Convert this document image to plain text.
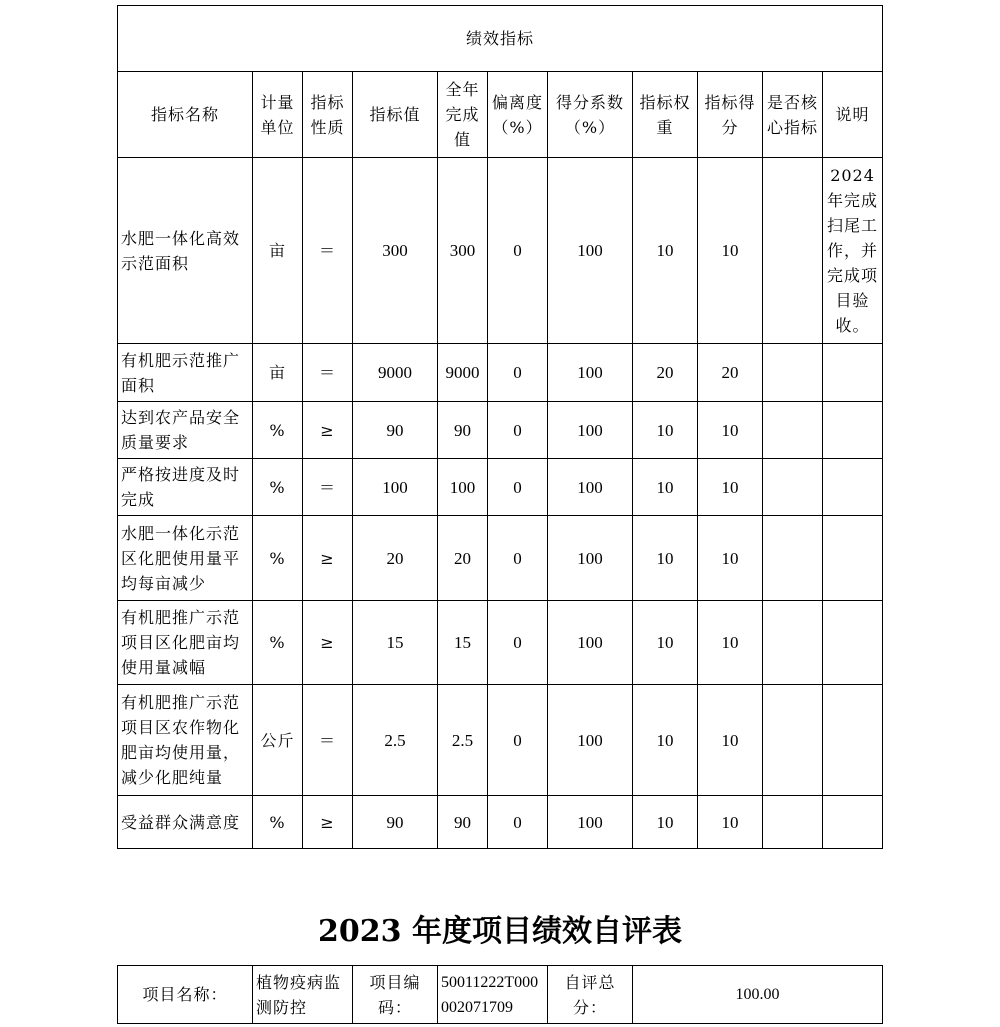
绩效指标										
指标名称	计量单位	指标性质	指标值	全年完成值	偏离度（%）	得分系数（%）	指标权重	指标得分	是否核心指标	说明
水肥一体化高效示范面积	亩	＝	300	300	0	100	10	10		2024年完成扫尾工作，并完成项目验收。
有机肥示范推广面积	亩	＝	9000	9000	0	100	20	20		
达到农产品安全质量要求	%	≥	90	90	0	100	10	10		
严格按进度及时完成	%	＝	100	100	0	100	10	10		
水肥一体化示范区化肥使用量平均每亩减少	%	≥	20	20	0	100	10	10		
有机肥推广示范项目区化肥亩均使用量减幅	%	≥	15	15	0	100	10	10		
有机肥推广示范项目区农作物化肥亩均使用量，减少化肥纯量	公斤	＝	2.5	2.5	0	100	10	10		
受益群众满意度	%	≥	90	90	0	100	10	10		
2023 年度项目绩效自评表
项目名称：	植物疫病监测防控	项目编码：	50011222T000002071709	自评总分：	100.00
